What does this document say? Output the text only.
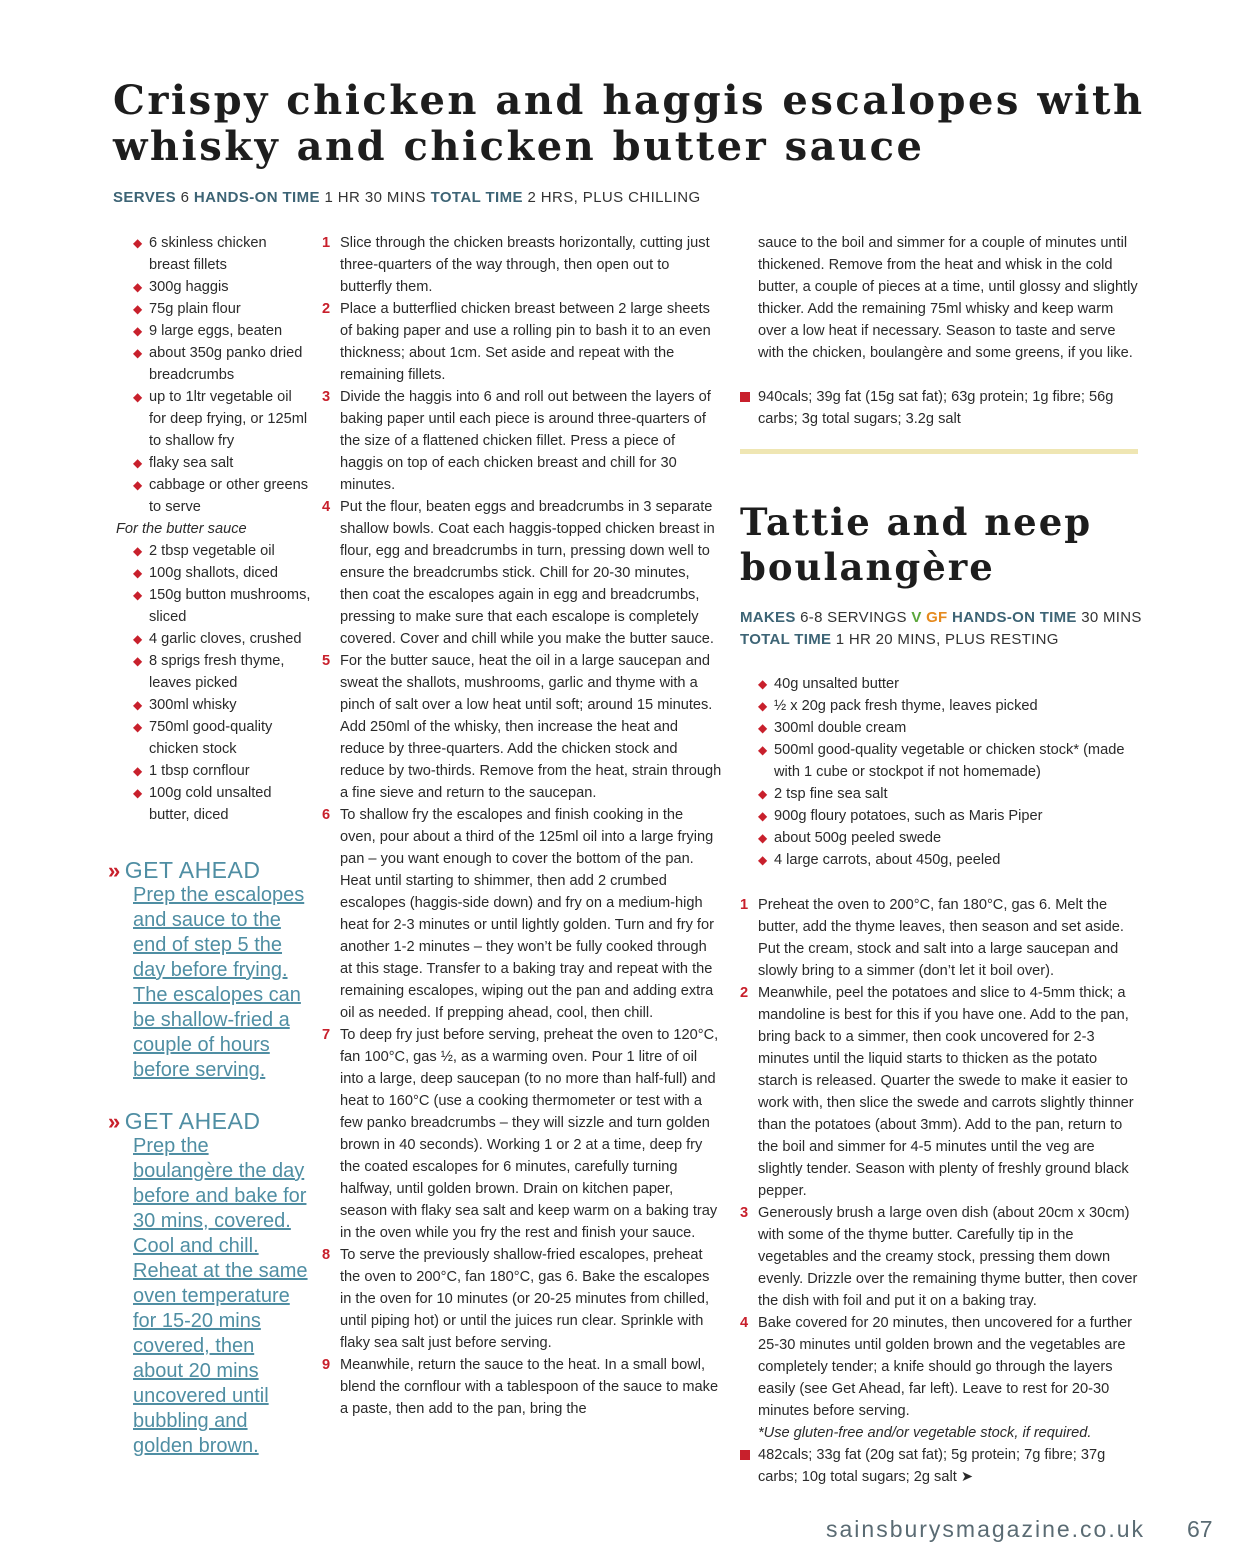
Crispy chicken and haggis escalopes with
whisky and chicken butter sauce
SERVES 6 HANDS-ON TIME 1 HR 30 MINS TOTAL TIME 2 HRS, PLUS CHILLING
◆ 6 skinless chicken breast fillets
◆ 300g haggis
◆ 75g plain flour
◆ 9 large eggs, beaten
◆ about 350g panko dried breadcrumbs
◆ up to 1ltr vegetable oil for deep frying, or 125ml to shallow fry
◆ flaky sea salt
◆ cabbage or other greens to serve
For the butter sauce
◆ 2 tbsp vegetable oil
◆ 100g shallots, diced
◆ 150g button mushrooms, sliced
◆ 4 garlic cloves, crushed
◆ 8 sprigs fresh thyme, leaves picked
◆ 300ml whisky
◆ 750ml good-quality chicken stock
◆ 1 tbsp cornflour
◆ 100g cold unsalted butter, diced
» GET AHEAD
Prep the escalopes and sauce to the end of step 5 the day before frying. The escalopes can be shallow-fried a couple of hours before serving.
» GET AHEAD
Prep the boulangère the day before and bake for 30 mins, covered. Cool and chill. Reheat at the same oven temperature for 15-20 mins covered, then about 20 mins uncovered until bubbling and golden brown.
1 Slice through the chicken breasts horizontally, cutting just three-quarters of the way through, then open out to butterfly them.
2 Place a butterflied chicken breast between 2 large sheets of baking paper and use a rolling pin to bash it to an even thickness; about 1cm. Set aside and repeat with the remaining fillets.
3 Divide the haggis into 6 and roll out between the layers of baking paper until each piece is around three-quarters of the size of a flattened chicken fillet. Press a piece of haggis on top of each chicken breast and chill for 30 minutes.
4 Put the flour, beaten eggs and breadcrumbs in 3 separate shallow bowls. Coat each haggis-topped chicken breast in flour, egg and breadcrumbs in turn, pressing down well to ensure the breadcrumbs stick. Chill for 20-30 minutes, then coat the escalopes again in egg and breadcrumbs, pressing to make sure that each escalope is completely covered. Cover and chill while you make the butter sauce.
5 For the butter sauce, heat the oil in a large saucepan and sweat the shallots, mushrooms, garlic and thyme with a pinch of salt over a low heat until soft; around 15 minutes. Add 250ml of the whisky, then increase the heat and reduce by three-quarters. Add the chicken stock and reduce by two-thirds. Remove from the heat, strain through a fine sieve and return to the saucepan.
6 To shallow fry the escalopes and finish cooking in the oven, pour about a third of the 125ml oil into a large frying pan – you want enough to cover the bottom of the pan. Heat until starting to shimmer, then add 2 crumbed escalopes (haggis-side down) and fry on a medium-high heat for 2-3 minutes or until lightly golden. Turn and fry for another 1-2 minutes – they won’t be fully cooked through at this stage. Transfer to a baking tray and repeat with the remaining escalopes, wiping out the pan and adding extra oil as needed. If prepping ahead, cool, then chill.
7 To deep fry just before serving, preheat the oven to 120°C, fan 100°C, gas ½, as a warming oven. Pour 1 litre of oil into a large, deep saucepan (to no more than half-full) and heat to 160°C (use a cooking thermometer or test with a few panko breadcrumbs – they will sizzle and turn golden brown in 40 seconds). Working 1 or 2 at a time, deep fry the coated escalopes for 6 minutes, carefully turning halfway, until golden brown. Drain on kitchen paper, season with flaky sea salt and keep warm on a baking tray in the oven while you fry the rest and finish your sauce.
8 To serve the previously shallow-fried escalopes, preheat the oven to 200°C, fan 180°C, gas 6. Bake the escalopes in the oven for 10 minutes (or 20-25 minutes from chilled, until piping hot) or until the juices run clear. Sprinkle with flaky sea salt just before serving.
9 Meanwhile, return the sauce to the heat. In a small bowl, blend the cornflour with a tablespoon of the sauce to make a paste, then add to the pan, bring the
940cals; 39g fat (15g sat fat); 63g protein; 1g fibre; 56g carbs; 3g total sugars; 3.2g salt
Tattie and neep
boulangère
MAKES 6-8 SERVINGS V GF HANDS-ON TIME 30 MINS
TOTAL TIME 1 HR 20 MINS, PLUS RESTING
◆ 40g unsalted butter
◆ ½ x 20g pack fresh thyme, leaves picked
◆ 300ml double cream
◆ 500ml good-quality vegetable or chicken stock* (made with 1 cube or stockpot if not homemade)
◆ 2 tsp fine sea salt
◆ 900g floury potatoes, such as Maris Piper
◆ about 500g peeled swede
◆ 4 large carrots, about 450g, peeled
1 Preheat the oven to 200°C, fan 180°C, gas 6. Melt the butter, add the thyme leaves, then season and set aside. Put the cream, stock and salt into a large saucepan and slowly bring to a simmer (don’t let it boil over).
2 Meanwhile, peel the potatoes and slice to 4-5mm thick; a mandoline is best for this if you have one. Add to the pan, bring back to a simmer, then cook uncovered for 2-3 minutes until the liquid starts to thicken as the potato starch is released. Quarter the swede to make it easier to work with, then slice the swede and carrots slightly thinner than the potatoes (about 3mm). Add to the pan, return to the boil and simmer for 4-5 minutes until the veg are slightly tender. Season with plenty of freshly ground black pepper.
3 Generously brush a large oven dish (about 20cm x 30cm) with some of the thyme butter. Carefully tip in the vegetables and the creamy stock, pressing them down evenly. Drizzle over the remaining thyme butter, then cover the dish with foil and put it on a baking tray.
4 Bake covered for 20 minutes, then uncovered for a further 25-30 minutes until golden brown and the vegetables are completely tender; a knife should go through the layers easily (see Get Ahead, far left). Leave to rest for 20-30 minutes before serving.
*Use gluten-free and/or vegetable stock, if required.
482cals; 33g fat (20g sat fat); 5g protein; 7g fibre; 37g carbs; 10g total sugars; 2g salt ➤
sainsburysmagazine.co.uk 67
sauce to the boil and simmer for a couple of minutes until thickened. Remove from the heat and whisk in the cold butter, a couple of pieces at a time, until glossy and slightly thicker. Add the remaining 75ml whisky and keep warm over a low heat if necessary. Season to taste and serve with the chicken, boulangère and some greens, if you like.
